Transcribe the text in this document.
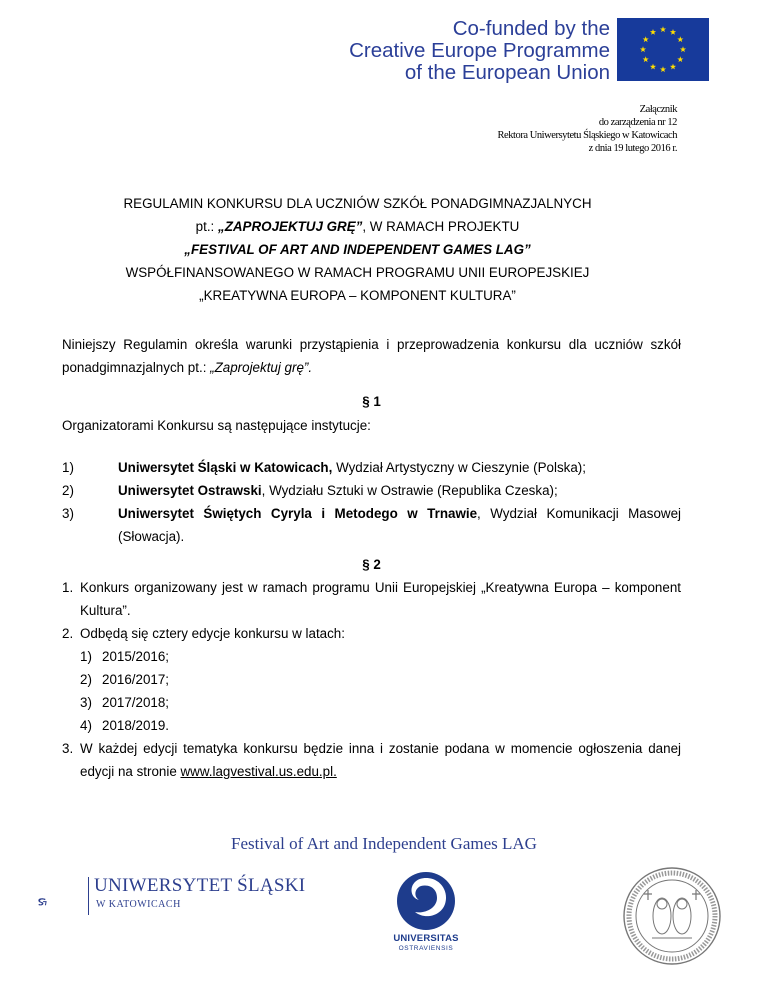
Co-funded by the
Creative Europe Programme
of the European Union
Załącznik
do zarządzenia nr 12
Rektora Uniwersytetu Śląskiego w Katowicach
z dnia 19 lutego 2016 r.
REGULAMIN KONKURSU DLA UCZNIÓW SZKÓŁ PONADGIMNAZJALNYCH
pt.: „ZAPROJEKTUJ GRĘ”, W RAMACH PROJEKTU
„FESTIVAL OF ART AND INDEPENDENT GAMES LAG”
WSPÓŁFINANSOWANEGO W RAMACH PROGRAMU UNII EUROPEJSKIEJ
„KREATYWNA EUROPA – KOMPONENT KULTURA”
Niniejszy Regulamin określa warunki przystąpienia i przeprowadzenia konkursu dla uczniów szkół ponadgimnazjalnych pt.: „Zaprojektuj grę”.
§ 1
Organizatorami Konkursu są następujące instytucje:
1)	Uniwersytet Śląski w Katowicach, Wydział Artystyczny w Cieszynie (Polska);
2)	Uniwersytet Ostrawski, Wydziału Sztuki w Ostrawie (Republika Czeska);
3)	Uniwersytet Świętych Cyryla i Metodego w Trnawie, Wydział Komunikacji Masowej (Słowacja).
§ 2
1. Konkurs organizowany jest w ramach programu Unii Europejskiej „Kreatywna Europa – komponent Kultura”.
2. Odbędą się cztery edycje konkursu w latach:
1) 2015/2016;
2) 2016/2017;
3) 2017/2018;
4) 2018/2019.
3. W każdej edycji tematyka konkursu będzie inna i zostanie podana w momencie ogłoszenia danej edycji na stronie www.lagvestival.us.edu.pl.
Festival of Art and Independent Games LAG
UNIWERSYTET ŚLĄSKI
W KATOWICACH
UNIVERSITAS
OSTRAVIENSIS
